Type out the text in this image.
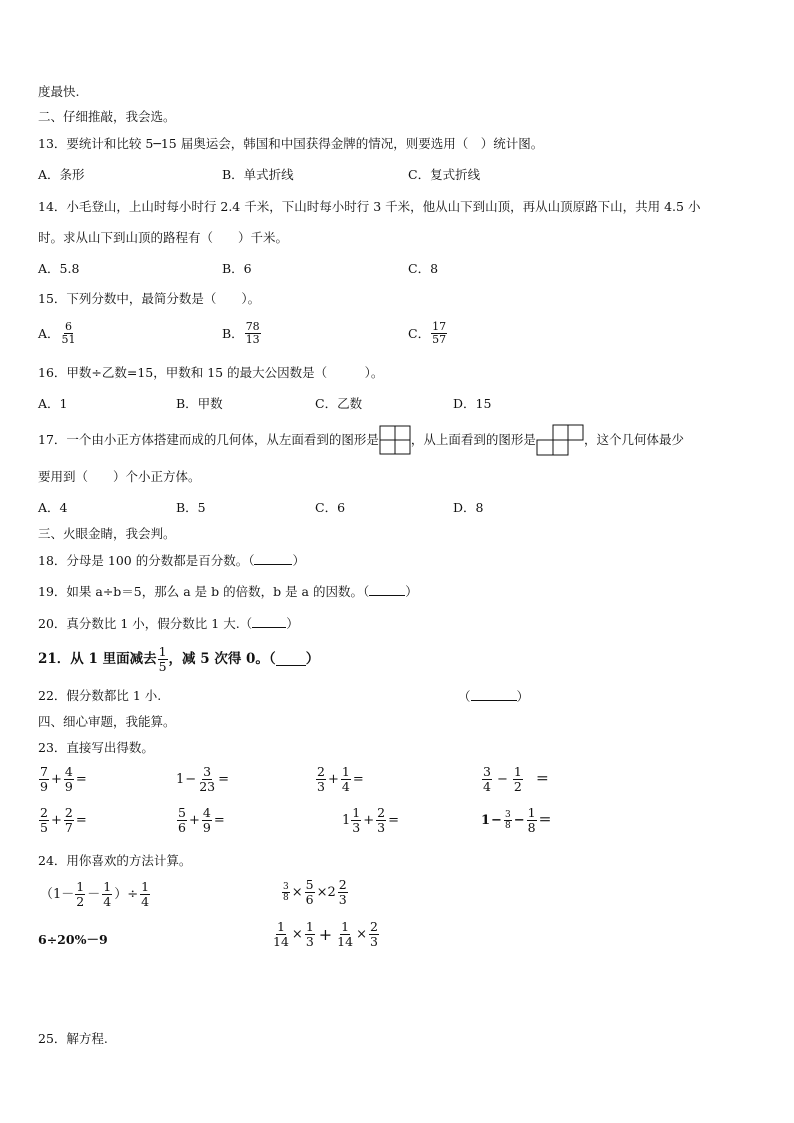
度最快.
二、仔细推敲，我会选。
13．要统计和比较 5─15 届奥运会，韩国和中国获得金牌的情况，则要选用（　）统计图。
A．条形	B．单式折线	C．复式折线
14．小毛登山，上山时每小时行 2.4 千米，下山时每小时行 3 千米，他从山下到山顶，再从山顶原路下山，共用 4.5 小
时。求从山下到山顶的路程有（　　）千米。
A．5.8	B．6	C．8
15．下列分数中，最简分数是（　　）。
A． $\frac{6}{51}$	B． $\frac{78}{13}$	C． $\frac{17}{57}$
16．甲数÷乙数=15，甲数和 15 的最大公因数是（　　　）。
A．1	B．甲数	C．乙数	D．15
17．一个由小正方体搭建而成的几何体，从左面看到的图形是	，从上面看到的图形是	，这个几何体最少
要用到（　　）个小正方体。
A．4	B．5	C．6	D．8
三、火眼金睛，我会判。
18．分母是 100 的分数都是百分数。（	）
19．如果 a÷b＝5，那么 a 是 b 的倍数，b 是 a 的因数。（	）
20．真分数比 1 小，假分数比 1 大.（	）
21．从 1 里面减去 $\frac{1}{5}$ ，减 5 次得 0。（ ）
22．假分数都比 1 小.	（	）
四、细心审题，我能算。
23．直接写出得数。
$\frac{7}{9} + \frac{4}{9}$ =	$1 - \frac{3}{23}$ =	$\frac{2}{3} + \frac{1}{4}$ =	$\frac{3}{4} - \frac{1}{2}$ ＝
$\frac{2}{5} + \frac{2}{7}$ =	$\frac{5}{6} + \frac{4}{9}$ =	$1 \frac{1}{3} + \frac{2}{3}$ =	$1 - \frac{3}{8} - \frac{1}{8}$ ＝
24．用你喜欢的方法计算。
（$1- \frac{1}{2} - \frac{1}{4}$ ）÷ $\frac{1}{4}$	$\frac{3}{8} \times \frac{5}{6} \times 2 \frac{2}{3}$
6÷20%－9	$\frac{1}{14} \times \frac{1}{3} + \frac{1}{14} \times \frac{2}{3}$
25．解方程.
